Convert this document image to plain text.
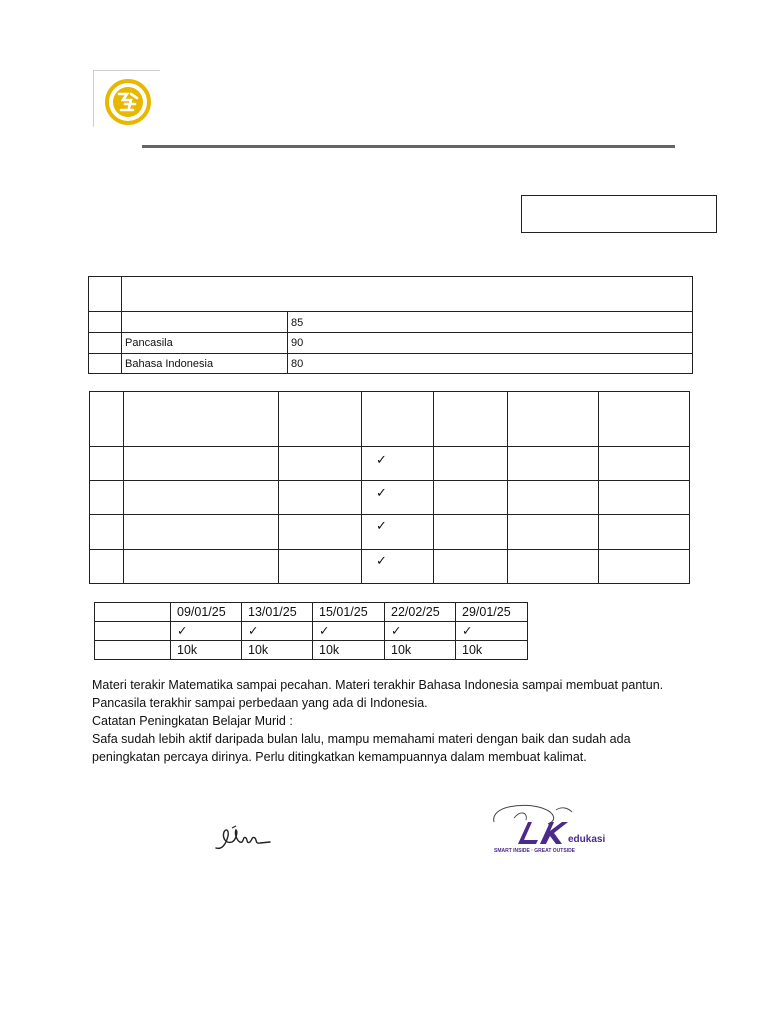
		85
	Pancasila	90
	Bahasa Indonesia	80

			✓			
			✓			
			✓			
			✓			
	09/01/25	13/01/25	15/01/25	22/02/25	29/01/25
	✓	✓	✓	✓	✓
	10k	10k	10k	10k	10k

Materi terakir Matematika sampai pecahan. Materi terakhir Bahasa Indonesia sampai membuat pantun. Pancasila terakhir sampai perbedaan yang ada di Indonesia.

Catatan Peningkatan Belajar Murid :

Safa sudah lebih aktif daripada bulan lalu, mampu memahami materi dengan baik dan sudah ada peningkatan percaya dirinya. Perlu ditingkatkan kemampuannya dalam membuat kalimat.

edukasi
SMART INSIDE · GREAT OUTSIDE
